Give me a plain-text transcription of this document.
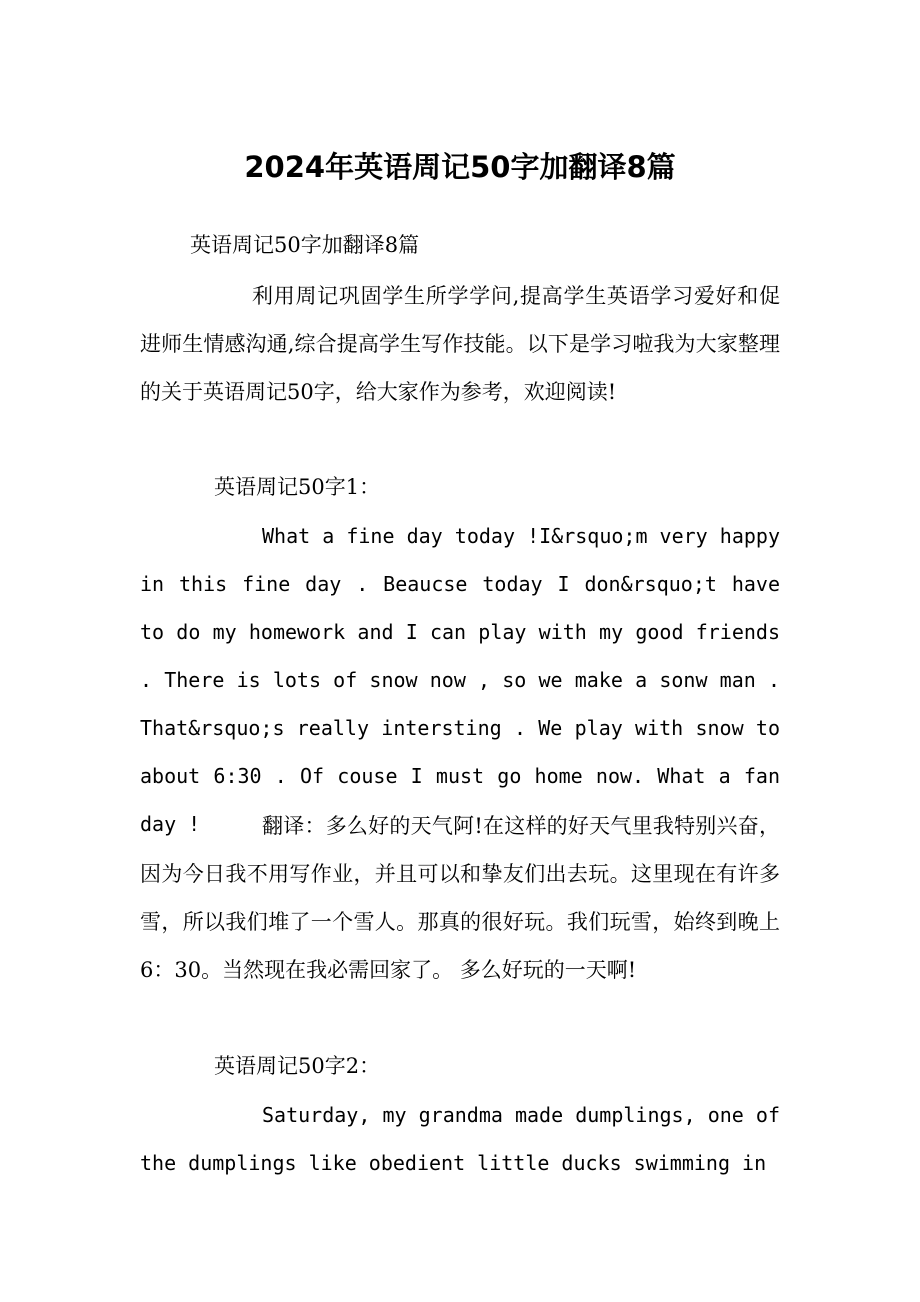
2024年英语周记50字加翻译8篇

英语周记50字加翻译8篇

利用周记巩固学生所学学问,提高学生英语学习爱好和促进师生情感沟通,综合提高学生写作技能。以下是学习啦我为大家整理的关于英语周记50字，给大家作为参考，欢迎阅读!

英语周记50字1：

What a fine day today !I&rsquo;m very happy in this fine day . Beaucse today I don&rsquo;t have to do my homework and I can play with my good friends . There is lots of snow now , so we make a sonw man . That&rsquo;s really intersting . We play with snow to about 6:30 . Of couse I must go home now. What a fan day !	翻译：多么好的天气阿!在这样的好天气里我特别兴奋，因为今日我不用写作业，并且可以和挚友们出去玩。这里现在有许多雪，所以我们堆了一个雪人。那真的很好玩。我们玩雪，始终到晚上6：30。当然现在我必需回家了。 多么好玩的一天啊!

英语周记50字2：

Saturday, my grandma made dumplings, one of the dumplings like obedient little ducks swimming in
